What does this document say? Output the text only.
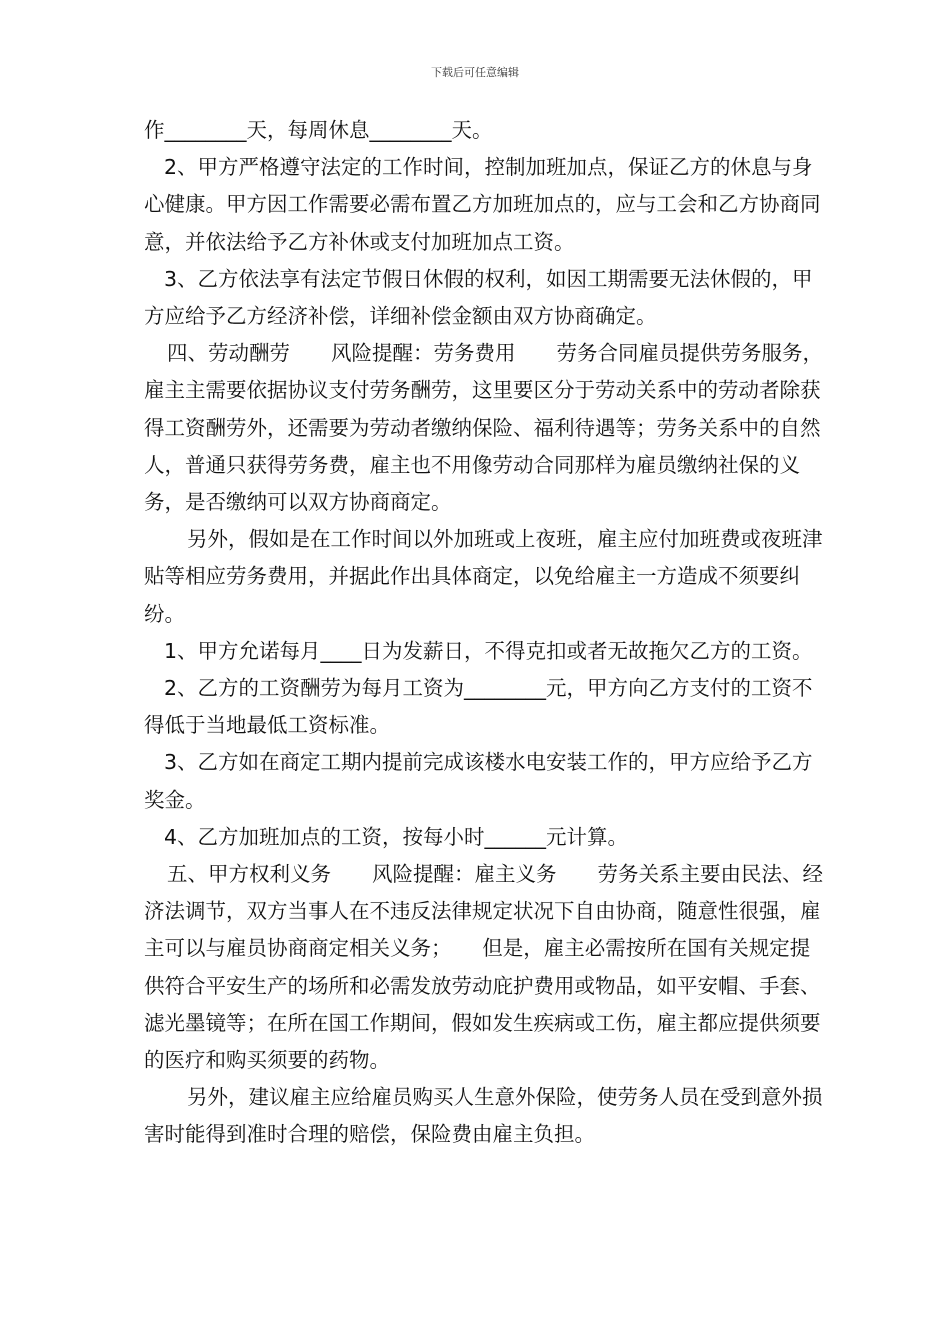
下载后可任意编辑

作________天，每周休息________天。

2、甲方严格遵守法定的工作时间，控制加班加点，保证乙方的休息与身心健康。甲方因工作需要必需布置乙方加班加点的，应与工会和乙方协商同意，并依法给予乙方补休或支付加班加点工资。

3、乙方依法享有法定节假日休假的权利，如因工期需要无法休假的，甲方应给予乙方经济补偿，详细补偿金额由双方协商确定。

四、劳动酬劳　　风险提醒：劳务费用　　劳务合同雇员提供劳务服务，雇主主需要依据协议支付劳务酬劳，这里要区分于劳动关系中的劳动者除获得工资酬劳外，还需要为劳动者缴纳保险、福利待遇等；劳务关系中的自然人，普通只获得劳务费，雇主也不用像劳动合同那样为雇员缴纳社保的义务，是否缴纳可以双方协商商定。

另外，假如是在工作时间以外加班或上夜班，雇主应付加班费或夜班津贴等相应劳务费用，并据此作出具体商定，以免给雇主一方造成不须要纠纷。

1、甲方允诺每月____日为发薪日，不得克扣或者无故拖欠乙方的工资。

2、乙方的工资酬劳为每月工资为________元，甲方向乙方支付的工资不得低于当地最低工资标准。

3、乙方如在商定工期内提前完成该楼水电安装工作的，甲方应给予乙方奖金。

4、乙方加班加点的工资，按每小时______元计算。

五、甲方权利义务　　风险提醒：雇主义务　　劳务关系主要由民法、经济法调节，双方当事人在不违反法律规定状况下自由协商，随意性很强，雇主可以与雇员协商商定相关义务；　　但是，雇主必需按所在国有关规定提供符合平安生产的场所和必需发放劳动庇护费用或物品，如平安帽、手套、滤光墨镜等；在所在国工作期间，假如发生疾病或工伤，雇主都应提供须要的医疗和购买须要的药物。

另外，建议雇主应给雇员购买人生意外保险，使劳务人员在受到意外损害时能得到准时合理的赔偿，保险费由雇主负担。
